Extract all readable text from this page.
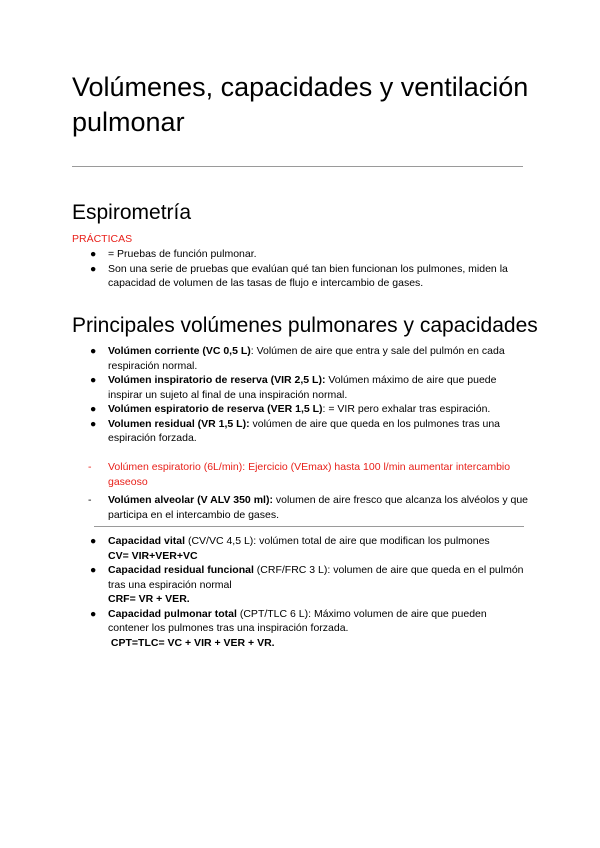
Volúmenes, capacidades y ventilación pulmonar
Espirometría
PRÁCTICAS
● = Pruebas de función pulmonar.
● Son una serie de pruebas que evalúan qué tan bien funcionan los pulmones, miden la capacidad de volumen de las tasas de flujo e intercambio de gases.
Principales volúmenes pulmonares y capacidades
● Volúmen corriente (VC 0,5 L): Volúmen de aire que entra y sale del pulmón en cada respiración normal.
● Volúmen inspiratorio de reserva (VIR 2,5 L): Volúmen máximo de aire que puede inspirar un sujeto al final de una inspiración normal.
● Volúmen espiratorio de reserva (VER 1,5 L): = VIR pero exhalar tras espiración.
● Volumen residual (VR 1,5 L): volúmen de aire que queda en los pulmones tras una espiración forzada.
- Volúmen espiratorio (6L/min): Ejercicio (VEmax) hasta 100 l/min aumentar intercambio gaseoso
- Volúmen alveolar (V ALV 350 ml): volumen de aire fresco que alcanza los alvéolos y que participa en el intercambio de gases.
● Capacidad vital (CV/VC 4,5 L): volúmen total de aire que modifican los pulmones
CV= VIR+VER+VC
● Capacidad residual funcional (CRF/FRC 3 L): volumen de aire que queda en el pulmón tras una espiración normal
CRF= VR + VER.
● Capacidad pulmonar total (CPT/TLC 6 L): Máximo volumen de aire que pueden contener los pulmones tras una inspiración forzada.
CPT=TLC= VC + VIR + VER + VR.
